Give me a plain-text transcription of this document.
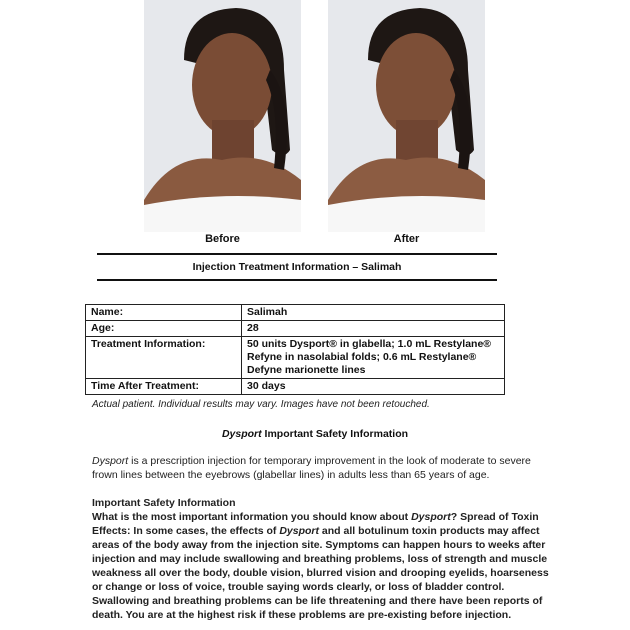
Before	After
Injection Treatment Information – Salimah
Name:	Salimah
Age:	28
Treatment Information:	50 units Dysport® in glabella; 1.0 mL Restylane® Refyne in nasolabial folds; 0.6 mL Restylane® Defyne marionette lines
Time After Treatment:	30 days
Actual patient. Individual results may vary. Images have not been retouched.
Dysport Important Safety Information
Dysport is a prescription injection for temporary improvement in the look of moderate to severe frown lines between the eyebrows (glabellar lines) in adults less than 65 years of age.
Important Safety Information
What is the most important information you should know about Dysport? Spread of Toxin Effects: In some cases, the effects of Dysport and all botulinum toxin products may affect areas of the body away from the injection site. Symptoms can happen hours to weeks after injection and may include swallowing and breathing problems, loss of strength and muscle weakness all over the body, double vision, blurred vision and drooping eyelids, hoarseness or change or loss of voice, trouble saying words clearly, or loss of bladder control. Swallowing and breathing problems can be life threatening and there have been reports of death. You are at the highest risk if these problems are pre-existing before injection.
